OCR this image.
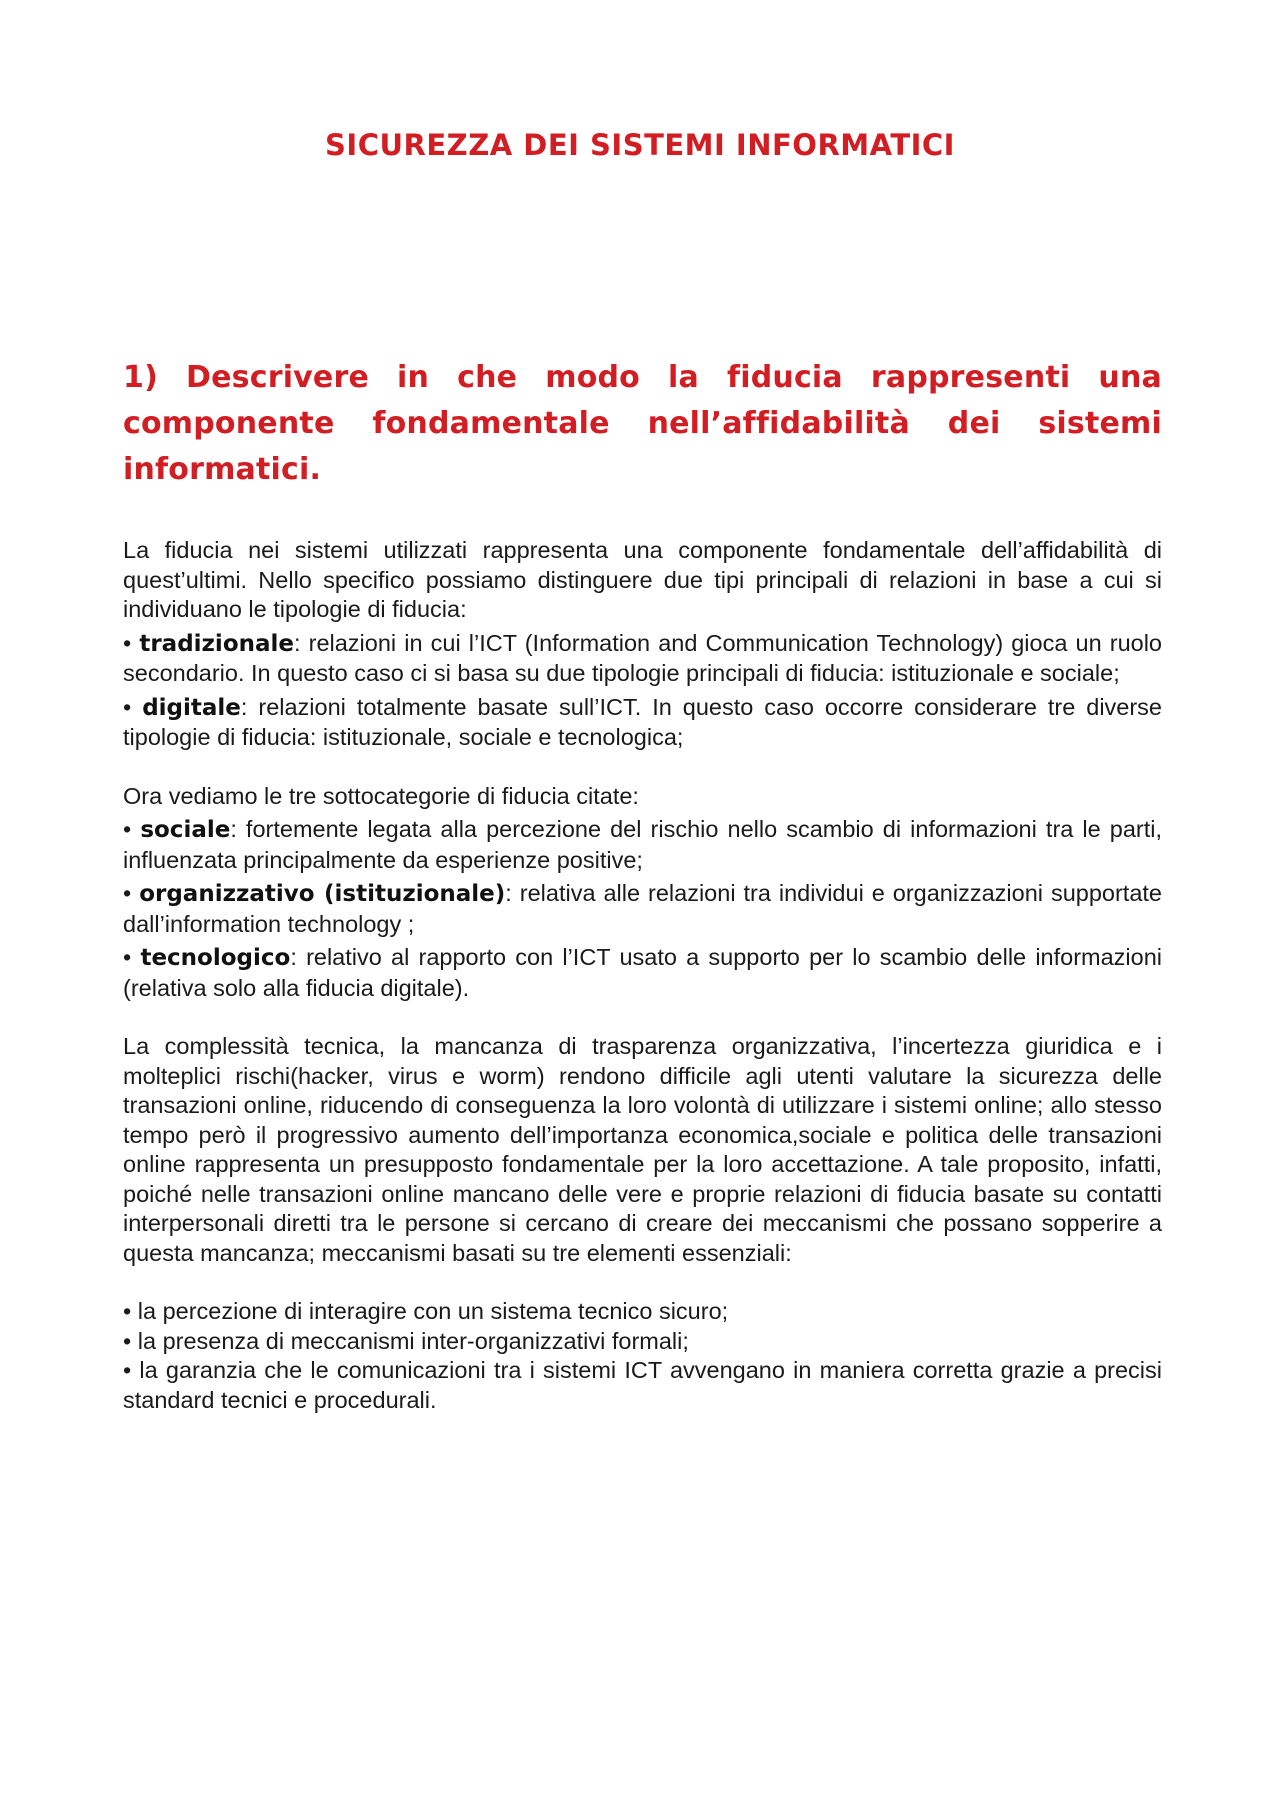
SICUREZZA DEI SISTEMI INFORMATICI
1) Descrivere in che modo la fiducia rappresenti una componente fondamentale nell’affidabilità dei sistemi informatici.

La fiducia nei sistemi utilizzati rappresenta una componente fondamentale dell’affidabilità di quest’ultimi. Nello specifico possiamo distinguere due tipi principali di relazioni in base a cui si individuano le tipologie di fiducia:

• tradizionale: relazioni in cui l’ICT (Information and Communication Technology) gioca un ruolo secondario. In questo caso ci si basa su due tipologie principali di fiducia: istituzionale e sociale;

• digitale: relazioni totalmente basate sull’ICT. In questo caso occorre considerare tre diverse tipologie di fiducia: istituzionale, sociale e tecnologica;

Ora vediamo le tre sottocategorie di fiducia citate:

• sociale: fortemente legata alla percezione del rischio nello scambio di informazioni tra le parti, influenzata principalmente da esperienze positive;

• organizzativo (istituzionale): relativa alle relazioni tra individui e organizzazioni supportate dall’information technology ;

• tecnologico: relativo al rapporto con l’ICT usato a supporto per lo scambio delle informazioni (relativa solo alla fiducia digitale).

La complessità tecnica, la mancanza di trasparenza organizzativa, l’incertezza giuridica e i molteplici rischi(hacker, virus e worm) rendono difficile agli utenti valutare la sicurezza delle transazioni online, riducendo di conseguenza la loro volontà di utilizzare i sistemi online; allo stesso tempo però il progressivo aumento dell’importanza economica,sociale e politica delle transazioni online rappresenta un presupposto fondamentale per la loro accettazione. A tale proposito, infatti, poiché nelle transazioni online mancano delle vere e proprie relazioni di fiducia basate su contatti interpersonali diretti tra le persone si cercano di creare dei meccanismi che possano sopperire a questa mancanza; meccanismi basati su tre elementi essenziali:

• la percezione di interagire con un sistema tecnico sicuro;

• la presenza di meccanismi inter-organizzativi formali;

• la garanzia che le comunicazioni tra i sistemi ICT avvengano in maniera corretta grazie a precisi standard tecnici e procedurali.
